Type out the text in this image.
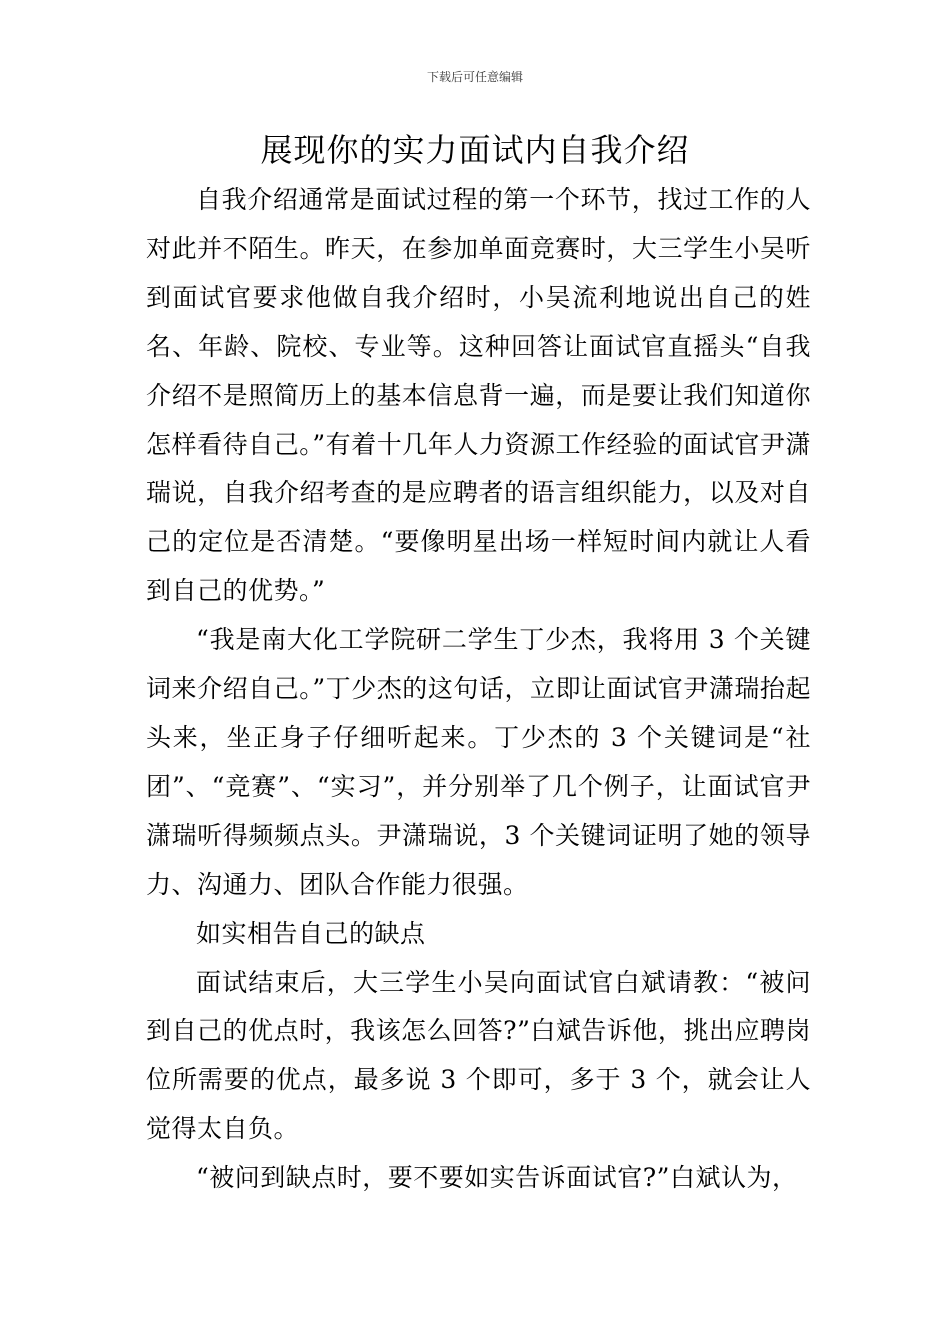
下载后可任意编辑
展现你的实力面试内自我介绍

自我介绍通常是面试过程的第一个环节，找过工作的人对此并不陌生。昨天，在参加单面竞赛时，大三学生小吴听到面试官要求他做自我介绍时，小吴流利地说出自己的姓名、年龄、院校、专业等。这种回答让面试官直摇头“自我介绍不是照简历上的基本信息背一遍，而是要让我们知道你怎样看待自己。”有着十几年人力资源工作经验的面试官尹潇瑞说，自我介绍考查的是应聘者的语言组织能力，以及对自己的定位是否清楚。“要像明星出场一样短时间内就让人看到自己的优势。”

“我是南大化工学院研二学生丁少杰，我将用 3 个关键词来介绍自己。”丁少杰的这句话，立即让面试官尹潇瑞抬起头来，坐正身子仔细听起来。丁少杰的 3 个关键词是“社团”、“竞赛”、“实习”，并分别举了几个例子，让面试官尹潇瑞听得频频点头。尹潇瑞说，3 个关键词证明了她的领导力、沟通力、团队合作能力很强。

如实相告自己的缺点

面试结束后，大三学生小吴向面试官白斌请教：“被问到自己的优点时，我该怎么回答?”白斌告诉他，挑出应聘岗位所需要的优点，最多说 3 个即可，多于 3 个，就会让人觉得太自负。

“被问到缺点时，要不要如实告诉面试官?”白斌认为，
